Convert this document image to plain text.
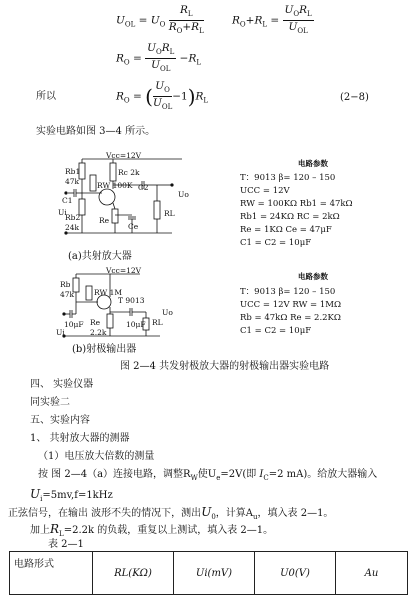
$U_{OL} = U_O \frac{R_L}{R_O+R_L}$	$R_O+R_L = \frac{U_OR_L}{U_{OL}}$
$R_O = \frac{U_OR_L}{U_{OL}} -R_L$
所以	$R_O$ = ( $\frac{U_O}{U_{OL}} -1)R_L$	(2−8)
实验电路如图 3—4 所示。
Vcc=12V
Rb1
47k RW 100K
Rc 2k
C2
C1
Rb2
24k
Re
Ce
RL
Ui
Uo
(a)共射放大器
电路参数
T：9013 β= 120 – 150
UCC = 12V
RW = 100KΩ Rb1 = 47kΩ
Rb1 = 24KΩ RC = 2kΩ
Re = 1KΩ Ce = 47μF
C1 = C2 = 10μF
Vcc=12V
Rb
47k	RW 1M
T 9013
10μF	10μF
Re
2.2k
RL
Ui
Uo
(b)射极输出器
电路参数
T：9013 β= 120 – 150
UCC = 12V RW = 1MΩ
Rb = 47kΩ Re = 2.2KΩ
C1 = C2 = 10μF
图 2—4 共发射极放大器的射极输出器实验电路
四、 实验仪器
同实验二
五、实验内容
1、 共射放大器的测器
（1）电压放大倍数的测量
按 图 2—4（a）连接电路，调整$R_W$使$U_e=2V$(即 $I_C=2$ mA)。给放大器输入
$U_i=5mv,f=1kHz$
正弦信号，在输出 波形不失的情况下，测出$U_0$，计算$A_u$，填入表 2—1。
加上$R_L=2.2k$ 的负载，重复以上测试，填入表 2—1。
表 2—1
电路形式	RL(KΩ)	Ui(mV)	U0(V)	Au
